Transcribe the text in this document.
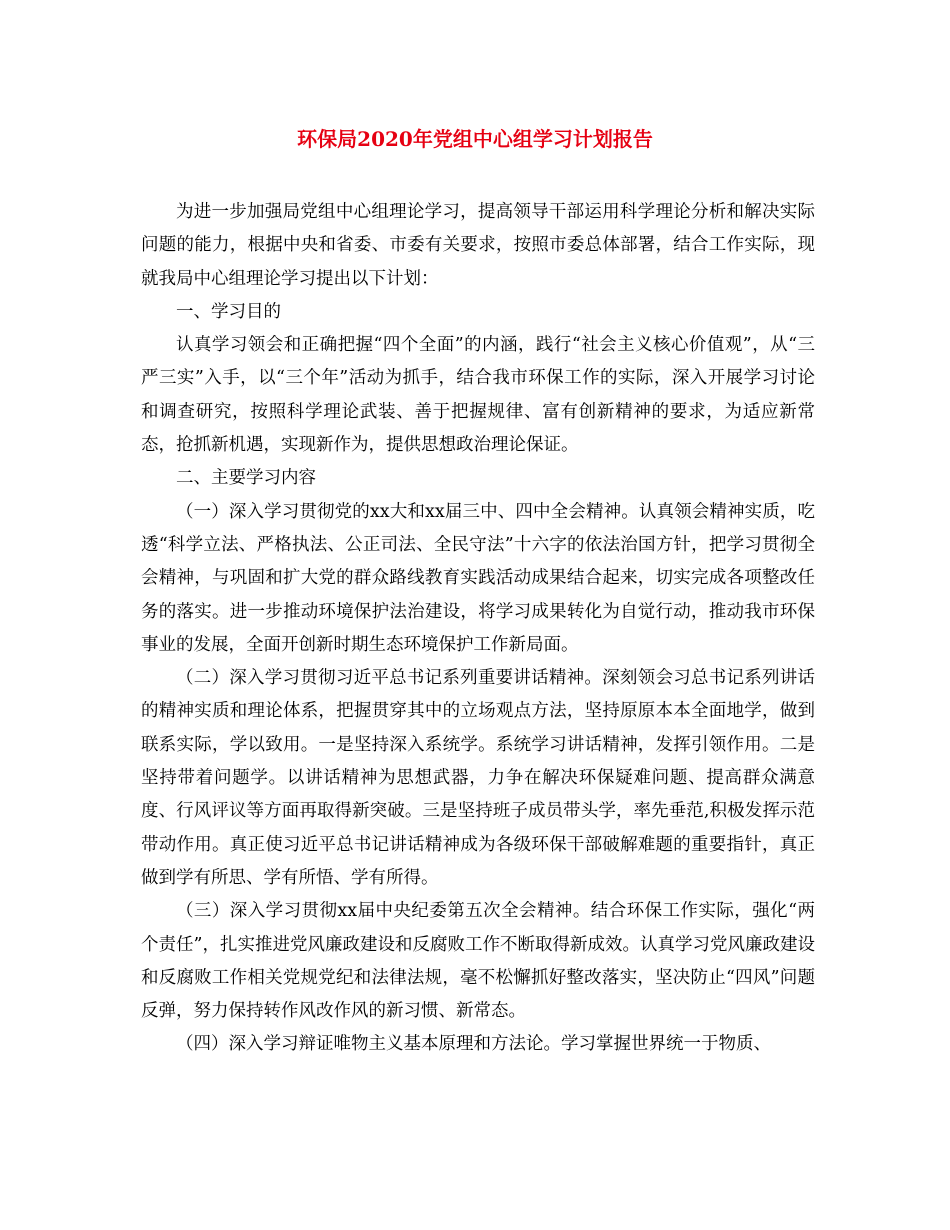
环保局2020年党组中心组学习计划报告

为进一步加强局党组中心组理论学习，提高领导干部运用科学理论分析和解决实际问题的能力，根据中央和省委、市委有关要求，按照市委总体部署，结合工作实际，现就我局中心组理论学习提出以下计划：

一、学习目的

认真学习领会和正确把握“四个全面”的内涵，践行“社会主义核心价值观”，从“三严三实”入手，以“三个年”活动为抓手，结合我市环保工作的实际，深入开展学习讨论和调查研究，按照科学理论武装、善于把握规律、富有创新精神的要求，为适应新常态，抢抓新机遇，实现新作为，提供思想政治理论保证。

二、主要学习内容

（一）深入学习贯彻党的xx大和xx届三中、四中全会精神。认真领会精神实质，吃透“科学立法、严格执法、公正司法、全民守法”十六字的依法治国方针，把学习贯彻全会精神，与巩固和扩大党的群众路线教育实践活动成果结合起来，切实完成各项整改任务的落实。进一步推动环境保护法治建设，将学习成果转化为自觉行动，推动我市环保事业的发展，全面开创新时期生态环境保护工作新局面。

（二）深入学习贯彻习近平总书记系列重要讲话精神。深刻领会习总书记系列讲话的精神实质和理论体系，把握贯穿其中的立场观点方法，坚持原原本本全面地学，做到联系实际，学以致用。一是坚持深入系统学。系统学习讲话精神，发挥引领作用。二是坚持带着问题学。以讲话精神为思想武器，力争在解决环保疑难问题、提高群众满意度、行风评议等方面再取得新突破。三是坚持班子成员带头学，率先垂范,积极发挥示范带动作用。真正使习近平总书记讲话精神成为各级环保干部破解难题的重要指针，真正做到学有所思、学有所悟、学有所得。

（三）深入学习贯彻xx届中央纪委第五次全会精神。结合环保工作实际，强化“两个责任”，扎实推进党风廉政建设和反腐败工作不断取得新成效。认真学习党风廉政建设和反腐败工作相关党规党纪和法律法规，毫不松懈抓好整改落实，坚决防止“四风”问题反弹，努力保持转作风改作风的新习惯、新常态。

（四）深入学习辩证唯物主义基本原理和方法论。学习掌握世界统一于物质、
